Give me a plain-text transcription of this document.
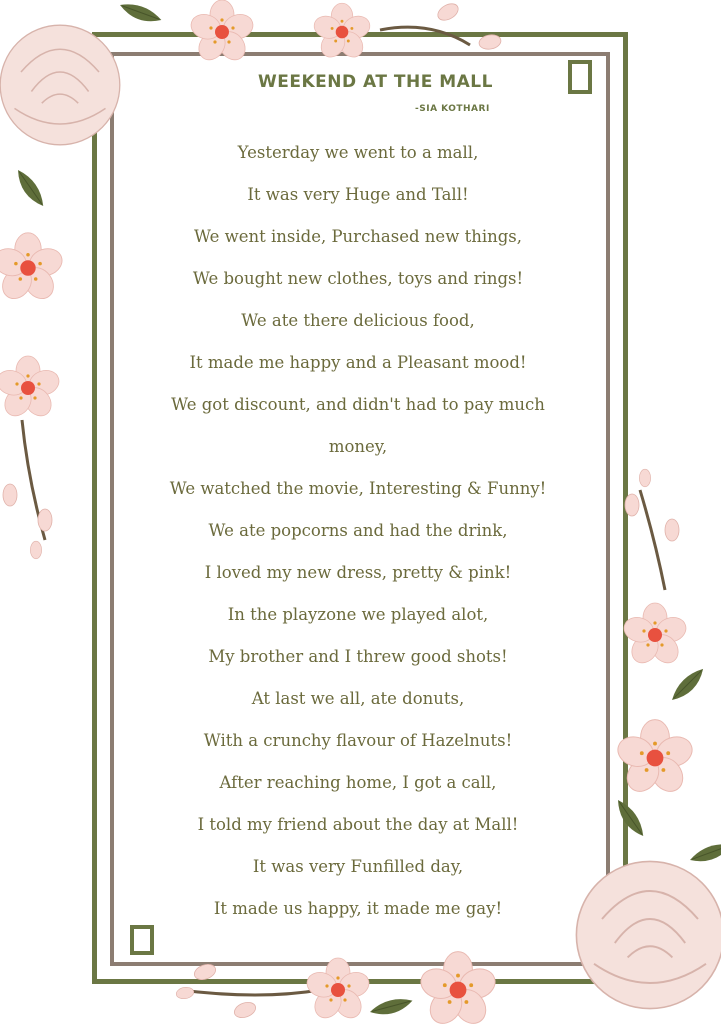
WEEKEND AT THE MALL
-SIA KOTHARI
Yesterday we went to a mall,
It was very Huge and Tall!
We went inside, Purchased new things,
We bought new clothes, toys and rings!
We ate there delicious food,
It made me happy and a Pleasant mood!
We got discount, and didn't had to pay much
money,
We watched the movie, Interesting & Funny!
We ate popcorns and had the drink,
I loved my new dress, pretty & pink!
In the playzone we played alot,
My brother and I threw good shots!
At last we all, ate donuts,
With a crunchy flavour of Hazelnuts!
After reaching home, I got a call,
I told my friend about the day at Mall!
It was very Funfilled day,
It made us happy, it made me gay!
